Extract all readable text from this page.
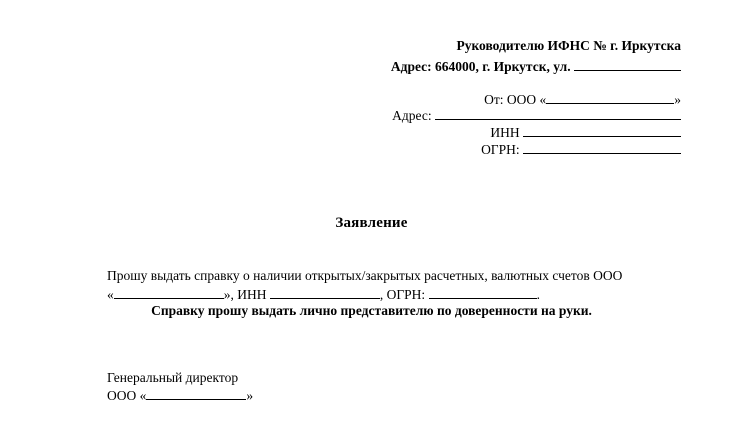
Руководителю ИФНС № г. Иркутска
Адрес: 664000, г. Иркутск, ул.
От: ООО «	»
Адрес:
ИНН
ОГРН:
Заявление
Прошу выдать справку о наличии открытых/закрытых расчетных, валютных счетов ООО
«	», ИНН	, ОГРН:	.
Справку прошу выдать лично представителю по доверенности на руки.
Генеральный директор
ООО «	»
